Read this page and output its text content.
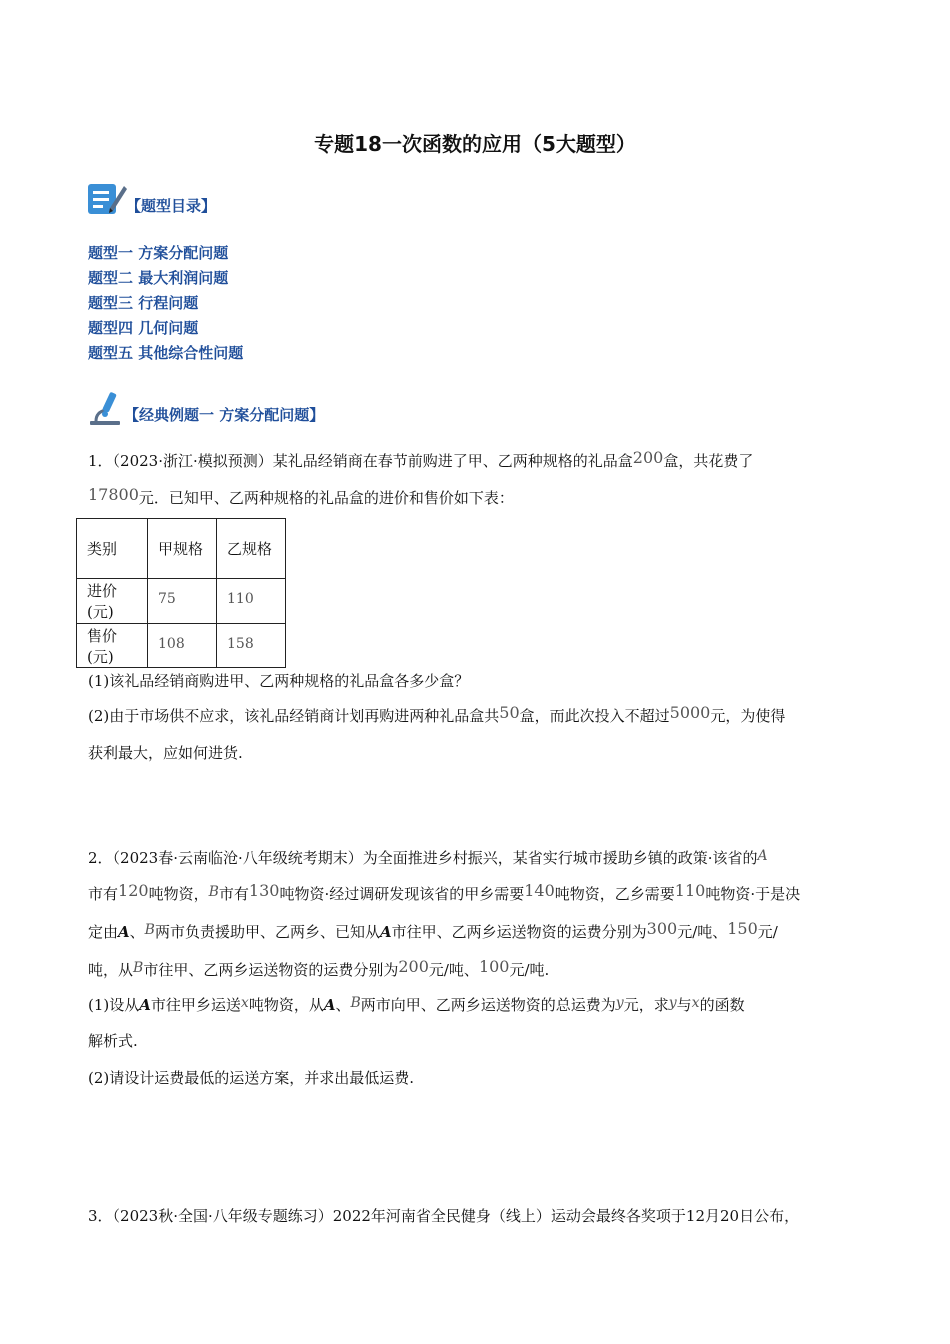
专题18一次函数的应用（5大题型）
【题型目录】
题型一 方案分配问题
题型二 最大利润问题
题型三 行程问题
题型四 几何问题
题型五 其他综合性问题
【经典例题一 方案分配问题】
1．（2023·浙江·模拟预测）某礼品经销商在春节前购进了甲、乙两种规格的礼品盒200盒，共花费了
17800元．已知甲、乙两种规格的礼品盒的进价和售价如下表：
类别	甲规格	乙规格
进价(元)	75	110
售价(元)	108	158
(1)该礼品经销商购进甲、乙两种规格的礼品盒各多少盒？
(2)由于市场供不应求，该礼品经销商计划再购进两种礼品盒共50盒，而此次投入不超过5000元，为使得
获利最大，应如何进货.
2．（2023春·云南临沧·八年级统考期末）为全面推进乡村振兴，某省实行城市援助乡镇的政策·该省的A
市有120吨物资，B市有130吨物资·经过调研发现该省的甲乡需要140吨物资，乙乡需要110吨物资·于是决
定由A、B两市负责援助甲、乙两乡、已知从A市往甲、乙两乡运送物资的运费分别为300元/吨、150元/
吨，从B市往甲、乙两乡运送物资的运费分别为200元/吨、100元/吨.
(1)设从A市往甲乡运送x吨物资，从A、B两市向甲、乙两乡运送物资的总运费为y元，求y与x的函数
解析式.
(2)请设计运费最低的运送方案，并求出最低运费.
3．（2023秋·全国·八年级专题练习）2022年河南省全民健身（线上）运动会最终各奖项于12月20日公布，
